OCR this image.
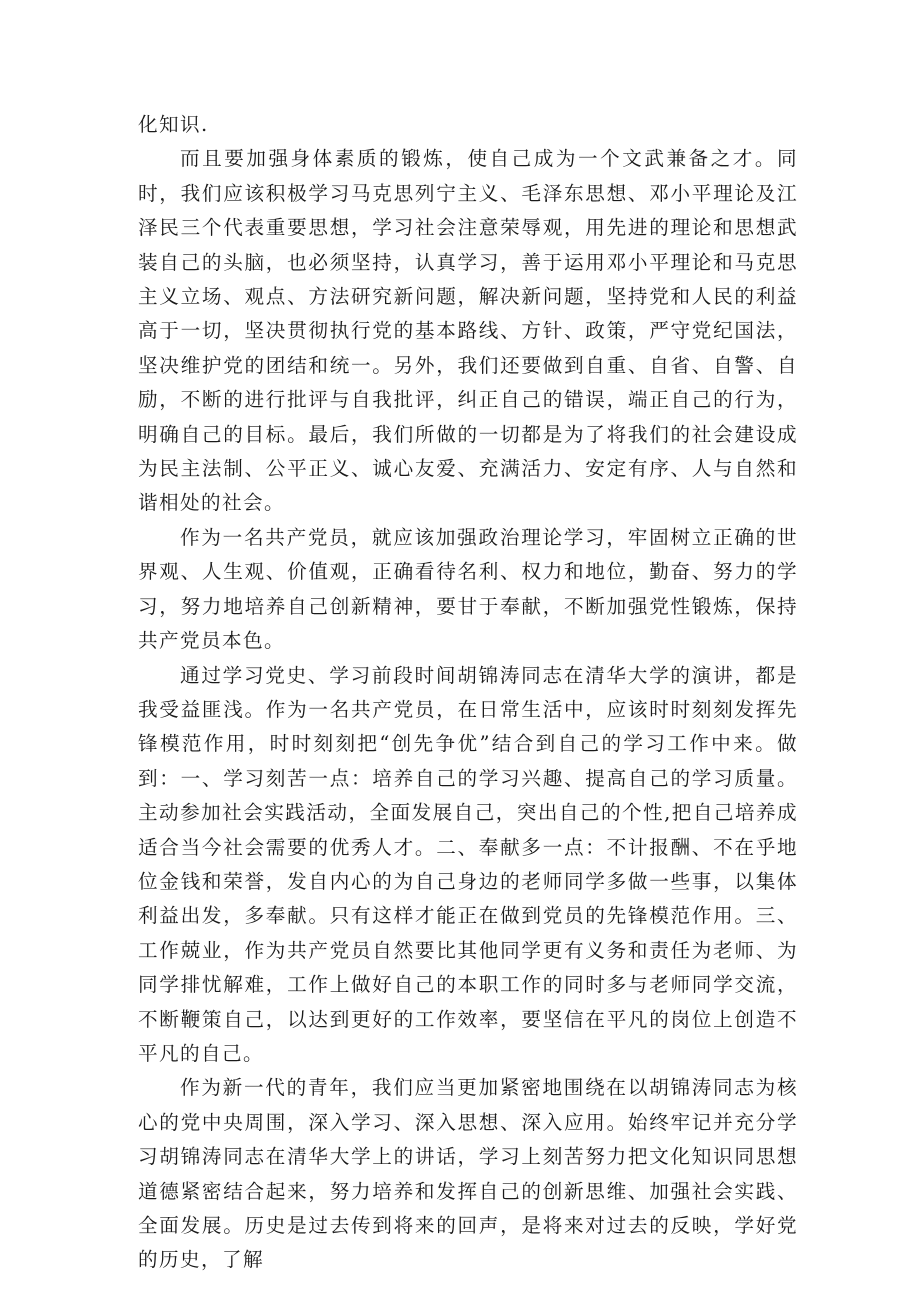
化知识.

而且要加强身体素质的锻炼，使自己成为一个文武兼备之才。同时，我们应该积极学习马克思列宁主义、毛泽东思想、邓小平理论及江泽民三个代表重要思想，学习社会注意荣辱观，用先进的理论和思想武装自己的头脑，也必须坚持，认真学习，善于运用邓小平理论和马克思主义立场、观点、方法研究新问题，解决新问题，坚持党和人民的利益高于一切，坚决贯彻执行党的基本路线、方针、政策，严守党纪国法，坚决维护党的团结和统一。另外，我们还要做到自重、自省、自警、自励，不断的进行批评与自我批评，纠正自己的错误，端正自己的行为，明确自己的目标。最后，我们所做的一切都是为了将我们的社会建设成为民主法制、公平正义、诚心友爱、充满活力、安定有序、人与自然和谐相处的社会。

作为一名共产党员，就应该加强政治理论学习，牢固树立正确的世界观、人生观、价值观，正确看待名利、权力和地位，勤奋、努力的学习，努力地培养自己创新精神，要甘于奉献，不断加强党性锻炼，保持共产党员本色。

通过学习党史、学习前段时间胡锦涛同志在清华大学的演讲，都是我受益匪浅。作为一名共产党员，在日常生活中，应该时时刻刻发挥先锋模范作用，时时刻刻把“创先争优”结合到自己的学习工作中来。做到：一、学习刻苦一点：培养自己的学习兴趣、提高自己的学习质量。主动参加社会实践活动，全面发展自己，突出自己的个性,把自己培养成适合当今社会需要的优秀人才。二、奉献多一点：不计报酬、不在乎地位金钱和荣誉，发自内心的为自己身边的老师同学多做一些事，以集体利益出发，多奉献。只有这样才能正在做到党员的先锋模范作用。三、工作兢业，作为共产党员自然要比其他同学更有义务和责任为老师、为同学排忧解难，工作上做好自己的本职工作的同时多与老师同学交流，不断鞭策自己，以达到更好的工作效率，要坚信在平凡的岗位上创造不平凡的自己。

作为新一代的青年，我们应当更加紧密地围绕在以胡锦涛同志为核心的党中央周围，深入学习、深入思想、深入应用。始终牢记并充分学习胡锦涛同志在清华大学上的讲话，学习上刻苦努力把文化知识同思想道德紧密结合起来，努力培养和发挥自己的创新思维、加强社会实践、全面发展。历史是过去传到将来的回声，是将来对过去的反映，学好党的历史，了解
